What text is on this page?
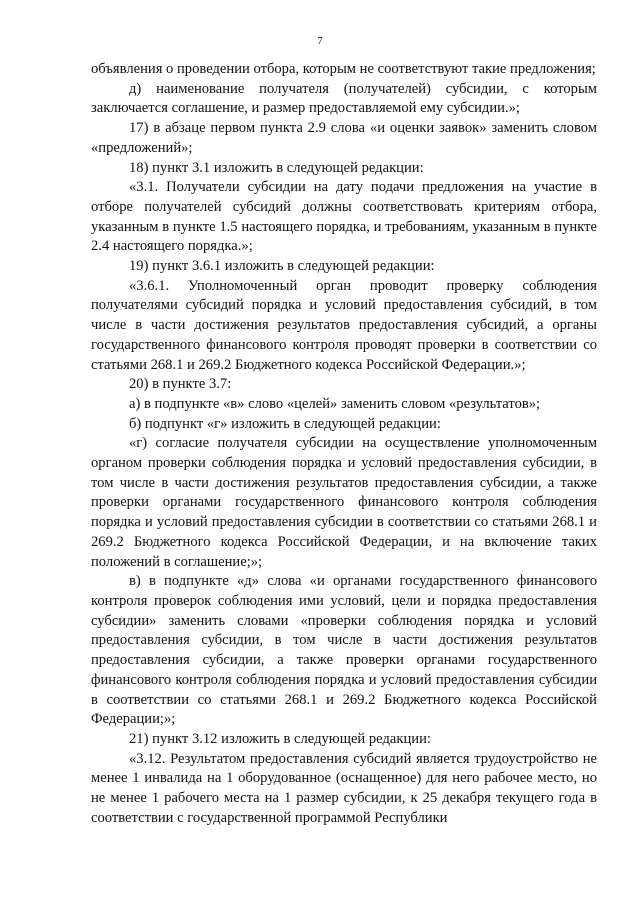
7

объявления о проведении отбора, которым не соответствуют такие предложения;

д) наименование получателя (получателей) субсидии, с которым заключается соглашение, и размер предоставляемой ему субсидии.»;

17) в абзаце первом пункта 2.9 слова «и оценки заявок» заменить словом «предложений»;

18) пункт 3.1 изложить в следующей редакции:

«3.1. Получатели субсидии на дату подачи предложения на участие в отборе получателей субсидий должны соответствовать критериям отбора, указанным в пункте 1.5 настоящего порядка, и требованиям, указанным в пункте 2.4 настоящего порядка.»;

19) пункт 3.6.1 изложить в следующей редакции:

«3.6.1. Уполномоченный орган проводит проверку соблюдения получателями субсидий порядка и условий предоставления субсидий, в том числе в части достижения результатов предоставления субсидий, а органы государственного финансового контроля проводят проверки в соответствии со статьями 268.1 и 269.2 Бюджетного кодекса Российской Федерации.»;

20) в пункте 3.7:

а) в подпункте «в» слово «целей» заменить словом «результатов»;

б) подпункт «г» изложить в следующей редакции:

«г) согласие получателя субсидии на осуществление уполномоченным органом проверки соблюдения порядка и условий предоставления субсидии, в том числе в части достижения результатов предоставления субсидии, а также проверки органами государственного финансового контроля соблюдения порядка и условий предоставления субсидии в соответствии со статьями 268.1 и 269.2 Бюджетного кодекса Российской Федерации, и на включение таких положений в соглашение;»;

в) в подпункте «д» слова «и органами государственного финансового контроля проверок соблюдения ими условий, цели и порядка предоставления субсидии» заменить словами «проверки соблюдения порядка и условий предоставления субсидии, в том числе в части достижения результатов предоставления субсидии, а также проверки органами государственного финансового контроля соблюдения порядка и условий предоставления субсидии в соответствии со статьями 268.1 и 269.2 Бюджетного кодекса Российской Федерации;»;

21) пункт 3.12 изложить в следующей редакции:

«3.12. Результатом предоставления субсидий является трудоустройство не менее 1 инвалида на 1 оборудованное (оснащенное) для него рабочее место, но не менее 1 рабочего места на 1 размер субсидии, к 25 декабря текущего года в соответствии с государственной программой Республики
